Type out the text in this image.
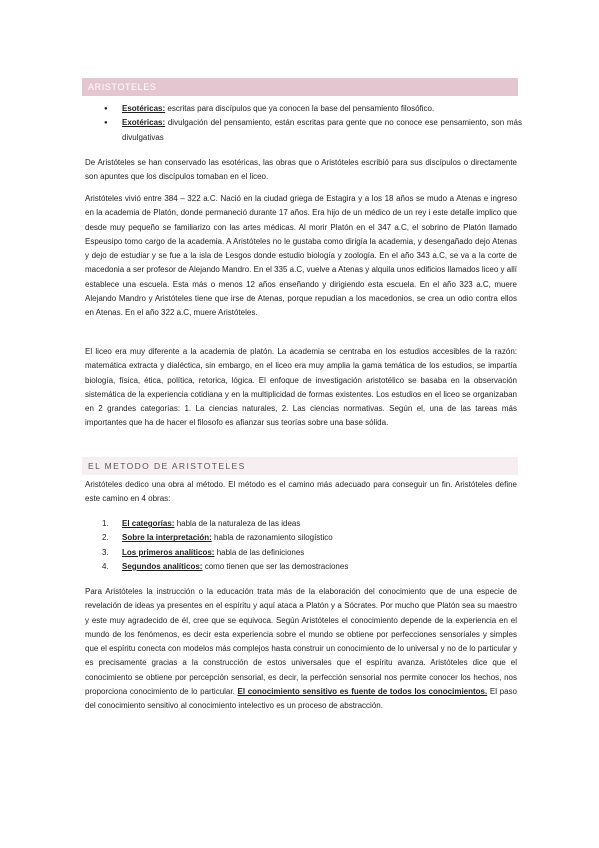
ARISTOTELES
● Esotéricas: escritas para discípulos que ya conocen la base del pensamiento filosófico.
● Exotéricas: divulgación del pensamiento, están escritas para gente que no conoce ese pensamiento, son más divulgativas

De Aristóteles se han conservado las esotéricas, las obras que o Aristóteles escribió para sus discípulos o directamente son apuntes que los discípulos tomaban en el liceo.

Aristóteles vivió entre 384 – 322 a.C. Nació en la ciudad griega de Estagira y a los 18 años se mudo a Atenas e ingreso en la academia de Platón, donde permaneció durante 17 años. Era hijo de un médico de un rey i este detalle implico que desde muy pequeño se familiarizo con las artes médicas. Al morir Platón en el 347 a.C, el sobrino de Platón llamado Espeusipo tomo cargo de la academia. A Aristóteles no le gustaba como dirigía la academia, y desengañado dejo Atenas y dejo de estudiar y se fue a la isla de Lesgos donde estudio biología y zoología. En el año 343 a.C, se va a la corte de macedonia a ser profesor de Alejando Mandro. En el 335 a.C, vuelve a Atenas y alquila unos edificios llamados liceo y allí establece una escuela. Esta más o menos 12 años enseñando y dirigiendo esta escuela. En el año 323 a.C, muere Alejando Mandro y Aristóteles tiene que irse de Atenas, porque repudian a los macedonios, se crea un odio contra ellos en Atenas. En el año 322 a.C, muere Aristóteles.

El liceo era muy diferente a la academia de platón. La academia se centraba en los estudios accesibles de la razón: matemática extracta y dialéctica, sin embargo, en el liceo era muy amplia la gama temática de los estudios, se impartía biología, física, ética, política, retorica, lógica. El enfoque de investigación aristotélico se basaba en la observación sistemática de la experiencia cotidiana y en la multiplicidad de formas existentes. Los estudios en el liceo se organizaban en 2 grandes categorías: 1. La ciencias naturales, 2. Las ciencias normativas. Según el, una de las tareas más importantes que ha de hacer el filosofo es afianzar sus teorías sobre una base sólida.

EL METODO DE ARISTOTELES

Aristóteles dedico una obra al método. El método es el camino más adecuado para conseguir un fin. Aristóteles define este camino en 4 obras:

1. El categorías: habla de la naturaleza de las ideas
2. Sobre la interpretación: habla de razonamiento silogístico
3. Los primeros analíticos: habla de las definiciones
4. Segundos analíticos: como tienen que ser las demostraciones

Para Aristóteles la instrucción o la educación trata más de la elaboración del conocimiento que de una especie de revelación de ideas ya presentes en el espíritu y aquí ataca a Platón y a Sócrates. Por mucho que Platón sea su maestro y este muy agradecido de él, cree que se equivoca. Según Aristóteles el conocimiento depende de la experiencia en el mundo de los fenómenos, es decir esta experiencia sobre el mundo se obtiene por perfecciones sensoriales y simples que el espíritu conecta con modelos más complejos hasta construir un conocimiento de lo universal y no de lo particular y es precisamente gracias a la construcción de estos universales que el espíritu avanza. Aristóteles dice que el conocimiento se obtiene por percepción sensorial, es decir, la perfección sensorial nos permite conocer los hechos, nos proporciona conocimiento de lo particular. El conocimiento sensitivo es fuente de todos los conocimientos. El paso del conocimiento sensitivo al conocimiento intelectivo es un proceso de abstracción.
